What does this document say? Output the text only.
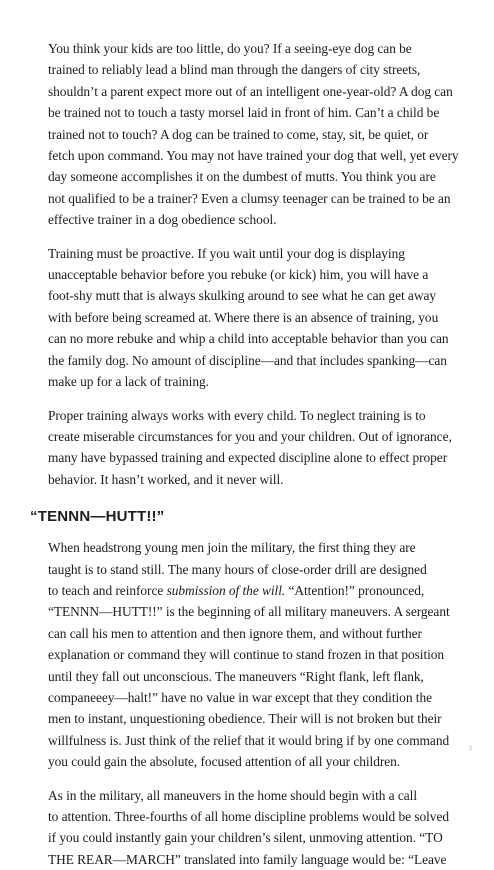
You think your kids are too little, do you? If a seeing-eye dog can be
trained to reliably lead a blind man through the dangers of city streets,
shouldn’t a parent expect more out of an intelligent one-year-old? A dog can
be trained not to touch a tasty morsel laid in front of him. Can’t a child be
trained not to touch? A dog can be trained to come, stay, sit, be quiet, or
fetch upon command. You may not have trained your dog that well, yet every
day someone accomplishes it on the dumbest of mutts. You think you are
not qualified to be a trainer? Even a clumsy teenager can be trained to be an
effective trainer in a dog obedience school.

Training must be proactive. If you wait until your dog is displaying
unacceptable behavior before you rebuke (or kick) him, you will have a
foot-shy mutt that is always skulking around to see what he can get away
with before being screamed at. Where there is an absence of training, you
can no more rebuke and whip a child into acceptable behavior than you can
the family dog. No amount of discipline—and that includes spanking—can
make up for a lack of training.

Proper training always works with every child. To neglect training is to
create miserable circumstances for you and your children. Out of ignorance,
many have bypassed training and expected discipline alone to effect proper
behavior. It hasn’t worked, and it never will.

“TENNN—HUTT!!”

When headstrong young men join the military, the first thing they are
taught is to stand still. The many hours of close-order drill are designed
to teach and reinforce submission of the will. “Attention!” pronounced,
“TENNN—HUTT!!” is the beginning of all military maneuvers. A sergeant
can call his men to attention and then ignore them, and without further
explanation or command they will continue to stand frozen in that position
until they fall out unconscious. The maneuvers “Right flank, left flank,
companeeey—halt!” have no value in war except that they condition the
men to instant, unquestioning obedience. Their will is not broken but their
willfulness is. Just think of the relief that it would bring if by one command
you could gain the absolute, focused attention of all your children.

As in the military, all maneuvers in the home should begin with a call
to attention. Three-fourths of all home discipline problems would be solved
if you could instantly gain your children’s silent, unmoving attention. “TO
THE REAR—MARCH” translated into family language would be: “Leave
